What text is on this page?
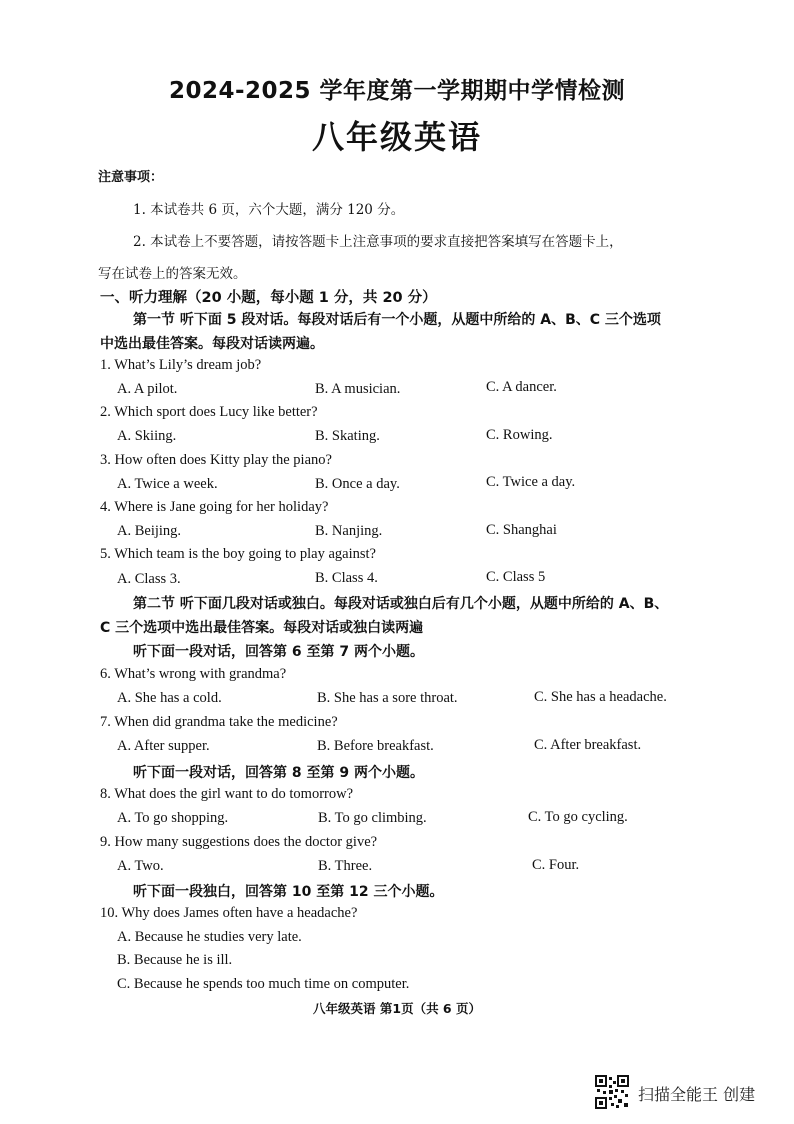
2024-2025 学年度第一学期期中学情检测
八年级英语
注意事项：
1. 本试卷共 6 页，六个大题，满分 120 分。
2. 本试卷上不要答题，请按答题卡上注意事项的要求直接把答案填写在答题卡上，
写在试卷上的答案无效。
一、听力理解（20 小题，每小题 1 分，共 20 分）
第一节 听下面 5 段对话。每段对话后有一个小题，从题中所给的 A、B、C 三个选项
中选出最佳答案。每段对话读两遍。
1. What’s Lily’s dream job?
A. A pilot.	B. A musician.	C. A dancer.
2. Which sport does Lucy like better?
A. Skiing.	B. Skating.	C. Rowing.
3. How often does Kitty play the piano?
A. Twice a week.	B. Once a day.	C. Twice a day.
4. Where is Jane going for her holiday?
A. Beijing.	B. Nanjing.	C. Shanghai
5. Which team is the boy going to play against?
A. Class 3.	B. Class 4.	C. Class 5
第二节 听下面几段对话或独白。每段对话或独白后有几个小题，从题中所给的 A、B、
C 三个选项中选出最佳答案。每段对话或独白读两遍
听下面一段对话，回答第 6 至第 7 两个小题。
6. What’s wrong with grandma?
A. She has a cold.	B. She has a sore throat.	C. She has a headache.
7. When did grandma take the medicine?
A. After supper.	B. Before breakfast.	C. After breakfast.
听下面一段对话，回答第 8 至第 9 两个小题。
8. What does the girl want to do tomorrow?
A. To go shopping.	B. To go climbing.	C. To go cycling.
9. How many suggestions does the doctor give?
A. Two.	B. Three.	C. Four.
听下面一段独白，回答第 10 至第 12 三个小题。
10. Why does James often have a headache?
A. Because he studies very late.
B. Because he is ill.
C. Because he spends too much time on computer.
八年级英语 第1页（共 6 页）
扫描全能王 创建
